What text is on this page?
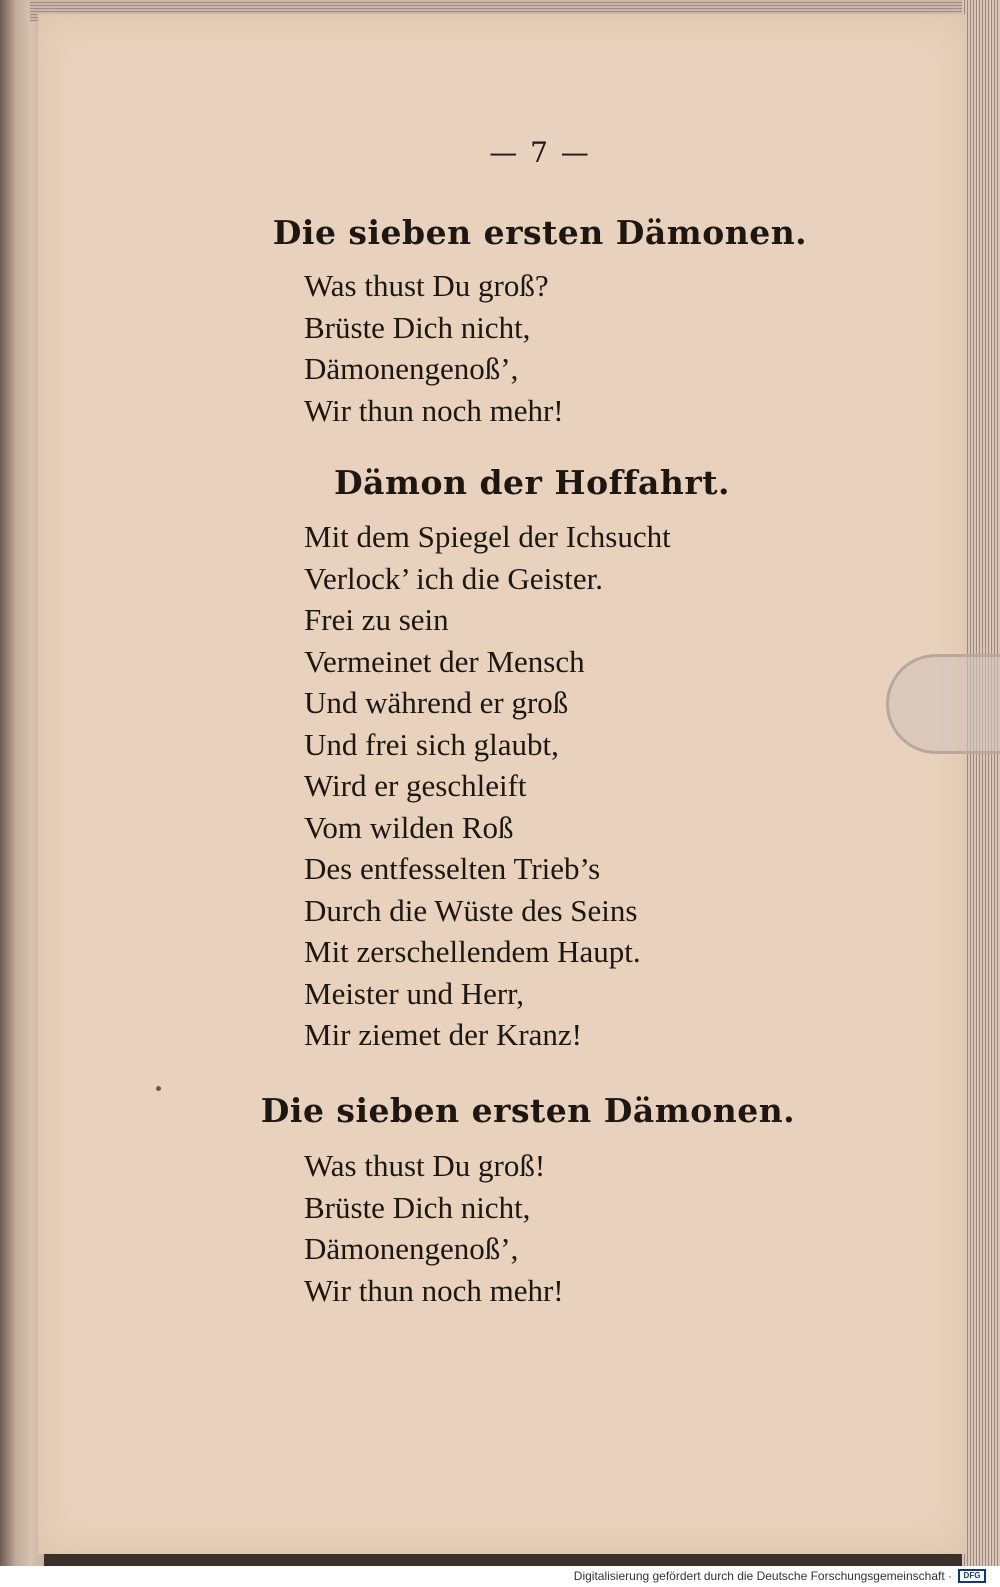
— 7 —
Die sieben ersten Dämonen.
Was thust Du groß?
Brüste Dich nicht,
Dämonengenoß’,
Wir thun noch mehr!
Dämon der Hoffahrt.
Mit dem Spiegel der Ichsucht
Verlock’ ich die Geister.
Frei zu sein
Vermeinet der Mensch
Und während er groß
Und frei sich glaubt,
Wird er geschleift
Vom wilden Roß
Des entfesselten Trieb’s
Durch die Wüste des Seins
Mit zerschellendem Haupt.
Meister und Herr,
Mir ziemet der Kranz!
Die sieben ersten Dämonen.
Was thust Du groß!
Brüste Dich nicht,
Dämonengenoß’,
Wir thun noch mehr!
Digitalisierung gefördert durch die Deutsche Forschungsgemeinschaft ·	DFG
